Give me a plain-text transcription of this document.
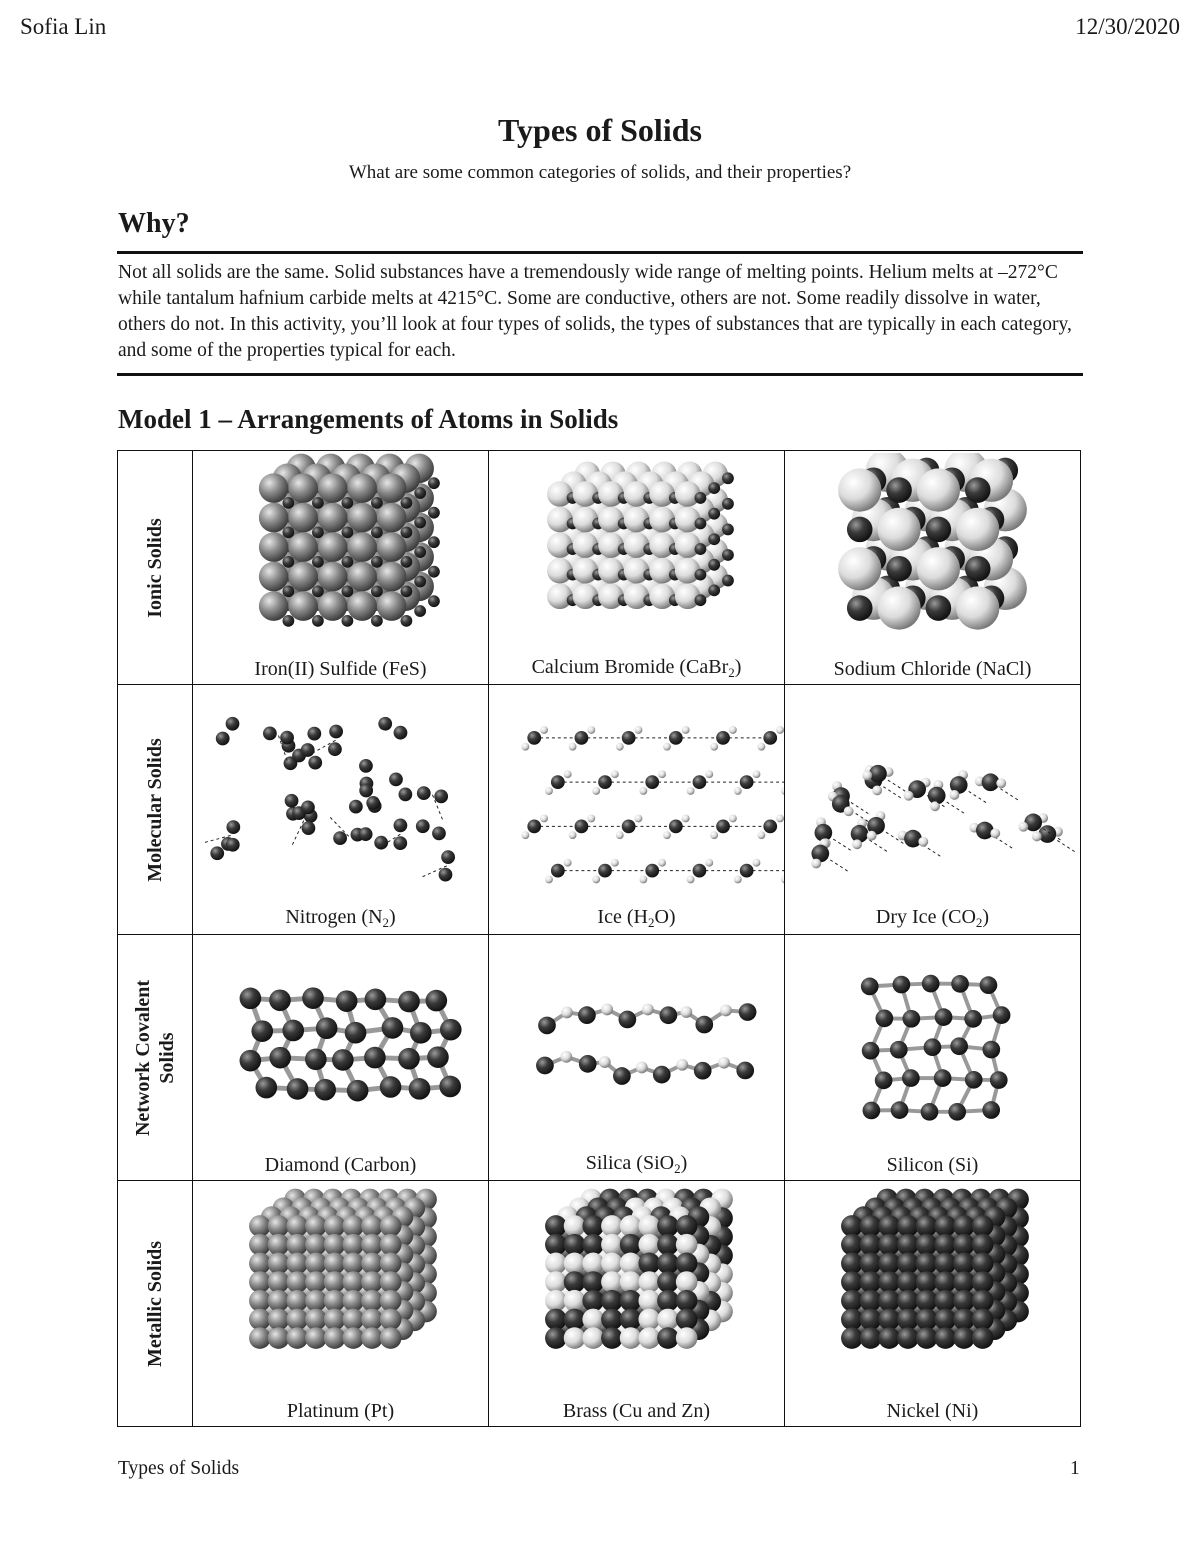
Sofia Lin	12/30/2020
Types of Solids
What are some common categories of solids, and their properties?
Why?
Not all solids are the same. Solid substances have a tremendously wide range of melting points. Helium melts at –272°C while tantalum hafnium carbide melts at 4215°C. Some are conductive, others are not. Some readily dissolve in water, others do not. In this activity, you’ll look at four types of solids, the types of substances that are typically in each category, and some of the properties typical for each.
Model 1 – Arrangements of Atoms in Solids
Ionic Solids	Iron(II) Sulfide (FeS)	Calcium Bromide (CaBr$_2$)	Sodium Chloride (NaCl)

Molecular Solids	Nitrogen $(N_2)$	Ice $(H_2O)$	Dry Ice $(CO_2)$

Network Covalent Solids	Diamond (Carbon)	Silica (SiO$_2$)	Silicon (Si)

Metallic Solids	Platinum (Pt)	Brass (Cu and Zn)	Nickel (Ni)
Types of Solids	1
